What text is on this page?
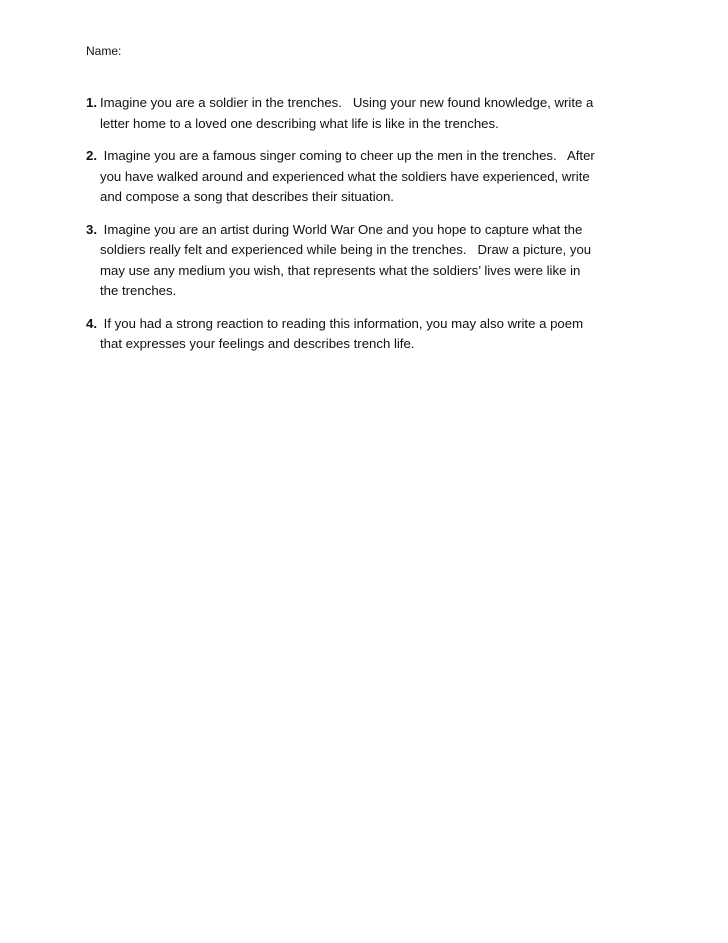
Name:
1. Imagine you are a soldier in the trenches.   Using your new found knowledge, write a
letter home to a loved one describing what life is like in the trenches.
2. Imagine you are a famous singer coming to cheer up the men in the trenches.   After
you have walked around and experienced what the soldiers have experienced, write
and compose a song that describes their situation.
3. Imagine you are an artist during World War One and you hope to capture what the
soldiers really felt and experienced while being in the trenches.   Draw a picture, you
may use any medium you wish, that represents what the soldiers’ lives were like in
the trenches.
4. If you had a strong reaction to reading this information, you may also write a poem
that expresses your feelings and describes trench life.
